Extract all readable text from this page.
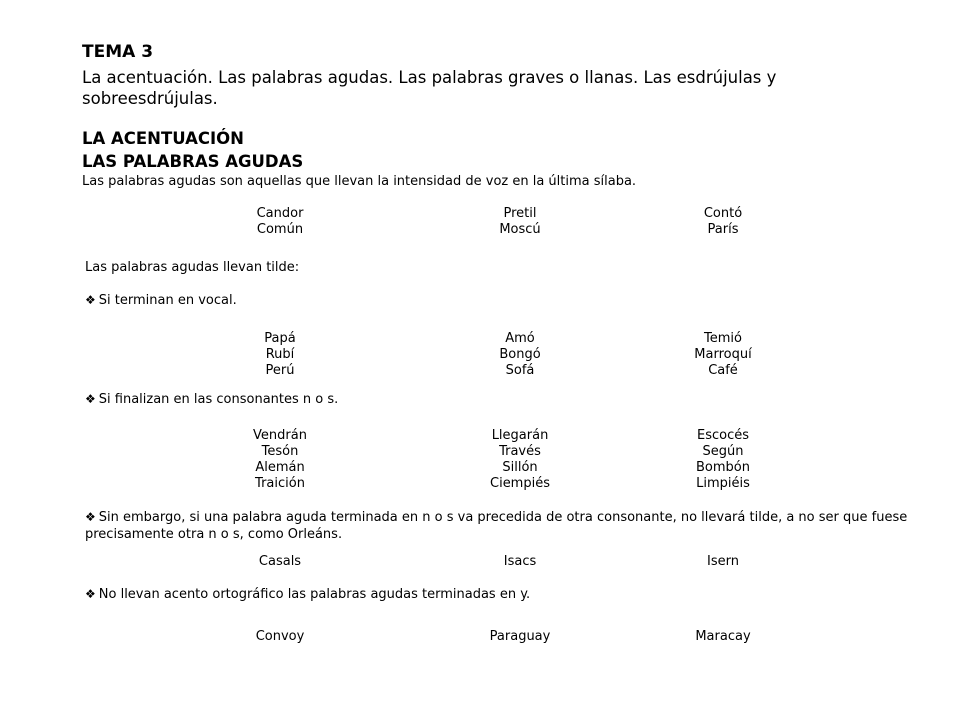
TEMA 3
La acentuación. Las palabras agudas. Las palabras graves o llanas. Las esdrújulas y sobreesdrújulas.
LA ACENTUACIÓN
LAS PALABRAS AGUDAS
Las palabras agudas son aquellas que llevan la intensidad de voz en la última sílaba.
Candor	Pretil	Contó
Común	Moscú	París
Las palabras agudas llevan tilde:
❖ Si terminan en vocal.
Papá	Amó	Temió
Rubí	Bongó	Marroquí
Perú	Sofá	Café
❖ Si finalizan en las consonantes n o s.
Vendrán	Llegarán	Escocés
Tesón	Través	Según
Alemán	Sillón	Bombón
Traición	Ciempiés	Limpiéis
❖ Sin embargo, si una palabra aguda terminada en n o s va precedida de otra consonante, no llevará tilde, a no ser que fuese precisamente otra n o s, como Orleáns.
Casals	Isacs	Isern
❖ No llevan acento ortográfico las palabras agudas terminadas en y.
Convoy	Paraguay	Maracay
